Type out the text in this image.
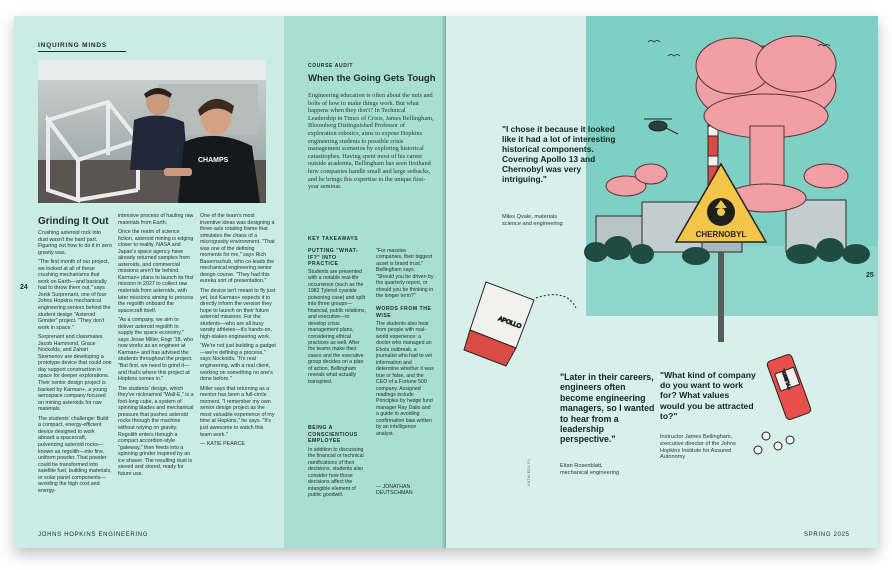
INQUIRING MINDS
CHAMPS
24
Grinding It Out

Crushing asteroid rock into dust wasn't the hard part. Figuring out how to do it in zero gravity was.

"The first month of our project, we looked at all of these crushing mechanisms that work on Earth—and basically had to throw them out," says Jonik Surprenant, one of four Johns Hopkins mechanical engineering seniors behind the student design "Asteroid Grinder" project. "They don't work in space."

Surprenant and classmates Jacob Hammond, Grace Nockolds, and Zahari Stoimenov are developing a prototype device that could one day support construction in space for deeper explorations. Their senior design project is backed by Karman+, a young aerospace company focused on mining asteroids for raw materials.

The students' challenge: Build a compact, energy-efficient device designed to work aboard a spacecraft, pulverizing asteroid rocks—known as regolith—into fine, uniform powder. That powder could be transformed into satellite fuel, building materials, or solar panel components—avoiding the high cost and energy-

intensive process of hauling raw materials from Earth.

Once the realm of science fiction, asteroid mining is edging closer to reality. NASA and Japan's space agency have already returned samples from asteroids, and commercial missions aren't far behind. Karman+ plans to launch its first mission in 2027 to collect raw materials from asteroids, with later missions aiming to process the regolith onboard the spacecraft itself.

"As a company, we aim to deliver asteroid regolith to supply the space economy," says Jesse Miller, Engr '18, who now works as an engineer at Karman+ and has advised the students throughout the project. "But first, we need to grind it—and that's where this project at Hopkins comes in."

The students' design, which they've nicknamed "Wall-E," is a foot-long cube, a system of spinning blades and mechanical pressure that pushes asteroid rocks through the machine without relying on gravity. Regolith enters through a compact accordion-style "gateway," then feeds into a spinning grinder inspired by an ice shaver. The resulting dust is sieved and stored, ready for future use.

One of the team's most inventive ideas was designing a three-axis rotating frame that simulates the chaos of a microgravity environment. "That was one of the defining moments for me," says Rich Bauernschub, who co-leads the mechanical engineering senior design course. "They had this eureka sort of presentation."

The device isn't meant to fly just yet, but Karman+ expects it to directly inform the version they hope to launch on their future asteroid missions. For the students—who are all busy varsity athletes—it's hands-on, high-stakes engineering work.

"We're not just building a gadget—we're defining a process," says Nockolds. "It's real engineering, with a real client, working on something no one's done before."

Miller says that returning as a mentor has been a full-circle moment. "I remember my own senior design project as the most valuable experience of my time at Hopkins," he says. "It's just awesome to watch this team work."

— KATIE PEARCE

JOHNS HOPKINS ENGINEERING
COURSE AUDIT
When the Going Gets Tough
Engineering education is often about the nuts and bolts of how to make things work. But what happens when they don't? In Technical Leadership in Times of Crisis, James Bellingham, Bloomberg Distinguished Professor of exploration robotics, aims to expose Hopkins engineering students to possible crisis management scenarios by exploring historical catastrophes. Having spent most of his career outside academia, Bellingham has seen firsthand how companies handle small and large setbacks, and he brings this expertise to the unique first-year seminar.
KEY TAKEAWAYS
PUTTING "WHAT-IF?" INTO PRACTICE
Students are presented with a notable real-life occurrence (such as the 1982 Tylenol cyanide poisoning case) and split into three groups—financial, public relations, and executive—to develop crisis management plans, considering ethical practices as well. After the teams make their cases and the executive group decides on a plan of action, Bellingham reveals what actually transpired.
BEING A CONSCIENTIOUS EMPLOYEE
In addition to discussing the financial or technical ramifications of their decisions, students also consider how those decisions affect the intangible element of public goodwill.
"For massive companies, their biggest asset is brand trust," Bellingham says. "Should you be driven by the quarterly report, or should you be thinking in the longer term?"
WORDS FROM THE WISE
The students also hear from people with real-world experience: a doctor who managed an Ebola outbreak, a journalist who had to vet information and determine whether it was true or false, and the CEO of a Fortune 500 company. Assigned readings include Principles by hedge fund manager Ray Dalio and a guide to avoiding confirmation bias written by an intelligence analyst.
— JONATHAN DEUTSCHMAN
CHERNOBYL
APOLLO
TYLENOL
"I chose it because it looked like it had a lot of interesting historical components. Covering Apollo 13 and Chernobyl was very intriguing."
Miles Qvale, materials
science and engineering
"Later in their careers, engineers often become engineering managers, so I wanted to hear from a leadership perspective."
Eitan Rosenblatt,
mechanical engineering
"What kind of company do you want to work for? What values would you be attracted to?"
Instructor James Bellingham, executive director of the Johns Hopkins Institute for Assured Autonomy
KATHLEEN FU
25
SPRING 2025
